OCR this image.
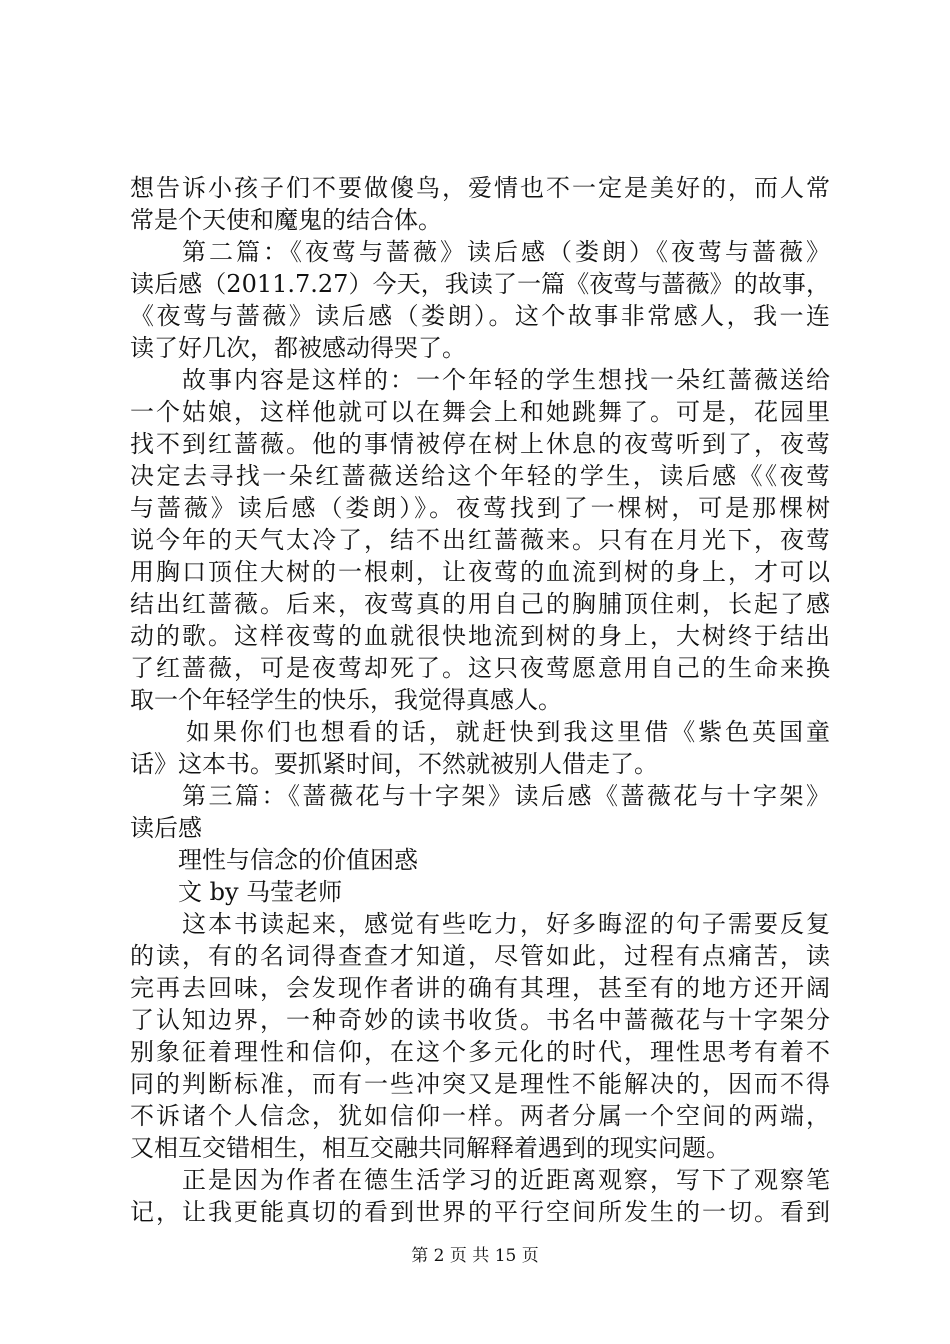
想告诉小孩子们不要做傻鸟，爱情也不一定是美好的，而人常
常是个天使和魔鬼的结合体。
第二篇：《夜莺与蔷薇》读后感（娄朗）《夜莺与蔷薇》
读后感（2011.7.27）今天，我读了一篇《夜莺与蔷薇》的故事，
《夜莺与蔷薇》读后感（娄朗）。这个故事非常感人，我一连
读了好几次，都被感动得哭了。
故事内容是这样的：一个年轻的学生想找一朵红蔷薇送给
一个姑娘，这样他就可以在舞会上和她跳舞了。可是，花园里
找不到红蔷薇。他的事情被停在树上休息的夜莺听到了，夜莺
决定去寻找一朵红蔷薇送给这个年轻的学生，读后感《《夜莺
与蔷薇》读后感（娄朗）》。夜莺找到了一棵树，可是那棵树
说今年的天气太冷了，结不出红蔷薇来。只有在月光下，夜莺
用胸口顶住大树的一根刺，让夜莺的血流到树的身上，才可以
结出红蔷薇。后来，夜莺真的用自己的胸脯顶住刺，长起了感
动的歌。这样夜莺的血就很快地流到树的身上，大树终于结出
了红蔷薇，可是夜莺却死了。这只夜莺愿意用自己的生命来换
取一个年轻学生的快乐，我觉得真感人。
如果你们也想看的话，就赶快到我这里借《紫色英国童
话》这本书。要抓紧时间，不然就被别人借走了。
第三篇：《蔷薇花与十字架》读后感《蔷薇花与十字架》
读后感
理性与信念的价值困惑
文 by 马莹老师
这本书读起来，感觉有些吃力，好多晦涩的句子需要反复
的读，有的名词得查查才知道，尽管如此，过程有点痛苦，读
完再去回味，会发现作者讲的确有其理，甚至有的地方还开阔
了认知边界，一种奇妙的读书收货。书名中蔷薇花与十字架分
别象征着理性和信仰，在这个多元化的时代，理性思考有着不
同的判断标准，而有一些冲突又是理性不能解决的，因而不得
不诉诸个人信念，犹如信仰一样。两者分属一个空间的两端，
又相互交错相生，相互交融共同解释着遇到的现实问题。
正是因为作者在德生活学习的近距离观察，写下了观察笔
记，让我更能真切的看到世界的平行空间所发生的一切。看到
第 2 页 共 15 页
